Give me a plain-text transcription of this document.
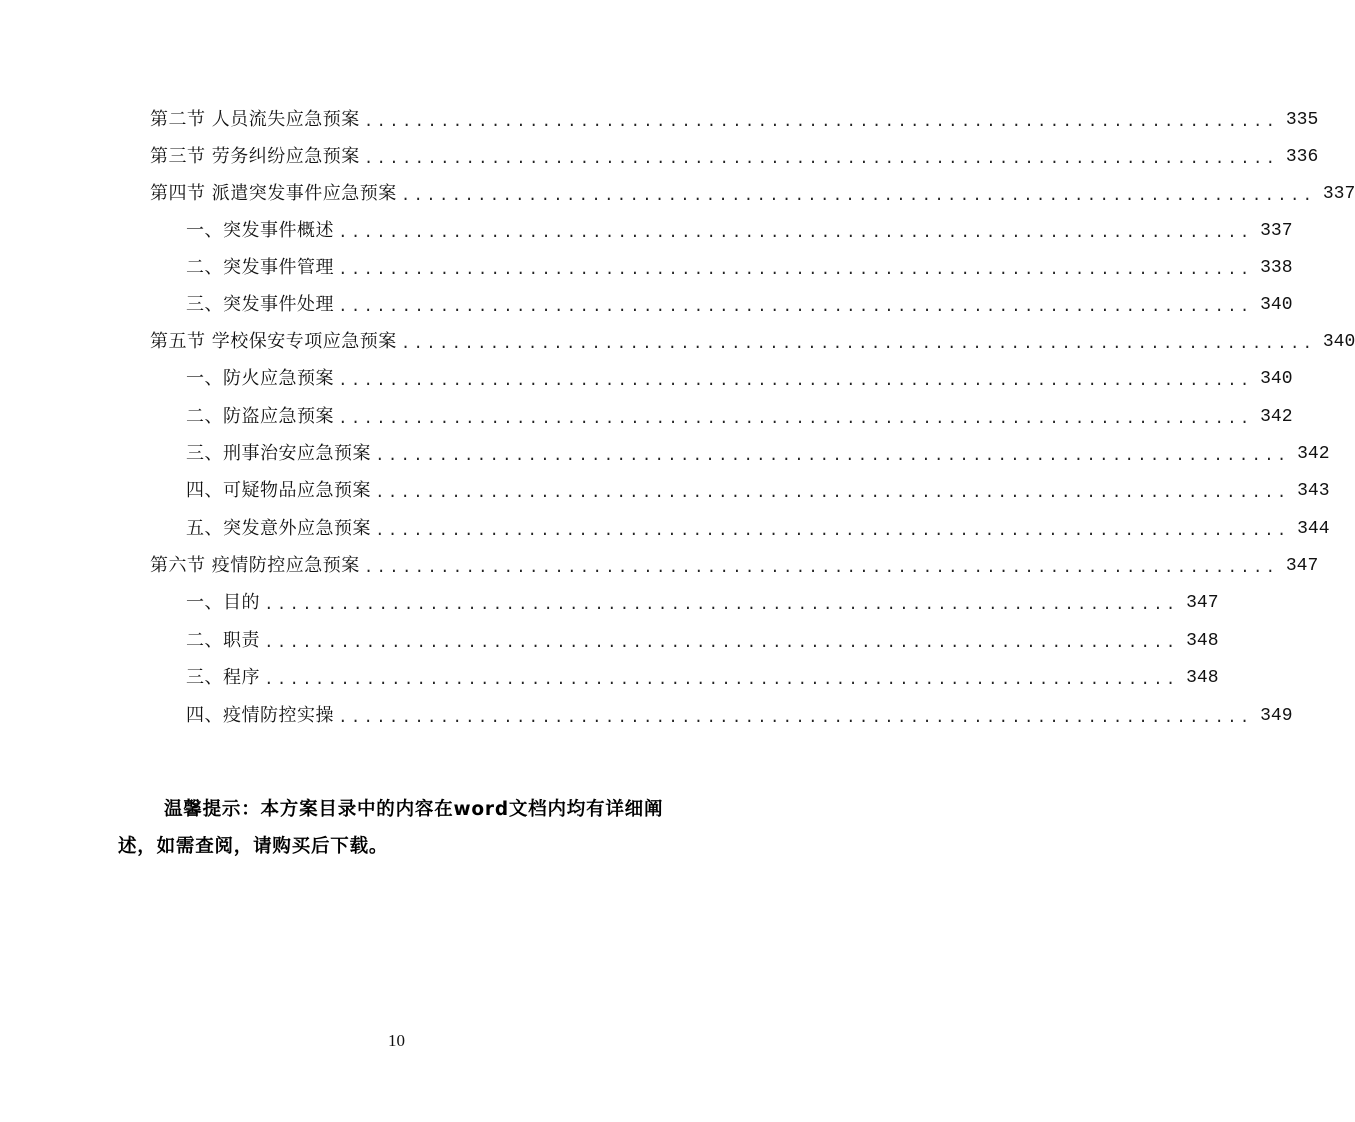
第二节 人员流失应急预案 ........................................................................ 335
第三节 劳务纠纷应急预案 ........................................................................ 336
第四节 派遣突发事件应急预案 ........................................................................ 337
一、突发事件概述 ........................................................................ 337
二、突发事件管理 ........................................................................ 338
三、突发事件处理 ........................................................................ 340
第五节 学校保安专项应急预案 ........................................................................ 340
一、防火应急预案 ........................................................................ 340
二、防盗应急预案 ........................................................................ 342
三、刑事治安应急预案 ........................................................................ 342
四、可疑物品应急预案 ........................................................................ 343
五、突发意外应急预案 ........................................................................ 344
第六节 疫情防控应急预案 ........................................................................ 347
一、目的 ........................................................................ 347
二、职责 ........................................................................ 348
三、程序 ........................................................................ 348
四、疫情防控实操 ........................................................................ 349

温馨提示：本方案目录中的内容在word文档内均有详细阐述，如需查阅，请购买后下载。

10
